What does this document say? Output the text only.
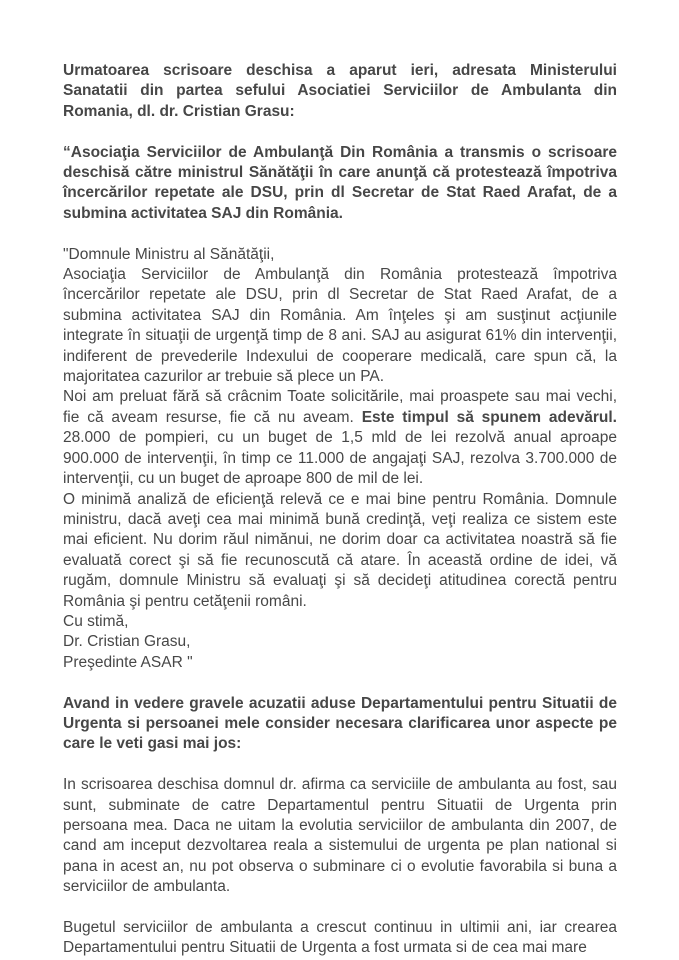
Urmatoarea scrisoare deschisa a aparut ieri, adresata Ministerului Sanatatii din partea sefului Asociatiei Serviciilor de Ambulanta din Romania, dl. dr. Cristian Grasu:

“Asociaţia Serviciilor de Ambulanţă Din România a transmis o scrisoare deschisă către ministrul Sănătăţii în care anunţă că protestează împotriva încercărilor repetate ale DSU, prin dl Secretar de Stat Raed Arafat, de a submina activitatea SAJ din România.

"Domnule Ministru al Sănătăţii,
Asociaţia Serviciilor de Ambulanţă din România protestează împotriva încercărilor repetate ale DSU, prin dl Secretar de Stat Raed Arafat, de a submina activitatea SAJ din România. Am înţeles şi am susţinut acţiunile integrate în situaţii de urgenţă timp de 8 ani. SAJ au asigurat 61% din intervenţii, indiferent de prevederile Indexului de cooperare medicală, care spun că, la majoritatea cazurilor ar trebuie să plece un PA.
Noi am preluat fără să crâcnim Toate solicitările, mai proaspete sau mai vechi, fie că aveam resurse, fie că nu aveam. Este timpul să spunem adevărul. 28.000 de pompieri, cu un buget de 1,5 mld de lei rezolvă anual aproape 900.000 de intervenţii, în timp ce 11.000 de angajaţi SAJ, rezolva 3.700.000 de intervenţii, cu un buget de aproape 800 de mil de lei.
O minimă analiză de eficienţă relevă ce e mai bine pentru România. Domnule ministru, dacă aveţi cea mai minimă bună credinţă, veţi realiza ce sistem este mai eficient. Nu dorim răul nimănui, ne dorim doar ca activitatea noastră să fie evaluată corect şi să fie recunoscută că atare. În această ordine de idei, vă rugăm, domnule Ministru să evaluaţi şi să decideţi atitudinea corectă pentru România şi pentru cetăţenii români.
Cu stimă,
Dr. Cristian Grasu,
Preşedinte ASAR "

Avand in vedere gravele acuzatii aduse Departamentului pentru Situatii de Urgenta si persoanei mele consider necesara clarificarea unor aspecte pe care le veti gasi mai jos:

In scrisoarea deschisa domnul dr. afirma ca serviciile de ambulanta au fost, sau sunt, subminate de catre Departamentul pentru Situatii de Urgenta prin persoana mea. Daca ne uitam la evolutia serviciilor de ambulanta din 2007, de cand am inceput dezvoltarea reala a sistemului de urgenta pe plan national si pana in acest an, nu pot observa o subminare ci o evolutie favorabila si buna a serviciilor de ambulanta.

Bugetul serviciilor de ambulanta a crescut continuu in ultimii ani, iar crearea Departamentului pentru Situatii de Urgenta a fost urmata si de cea mai mare
